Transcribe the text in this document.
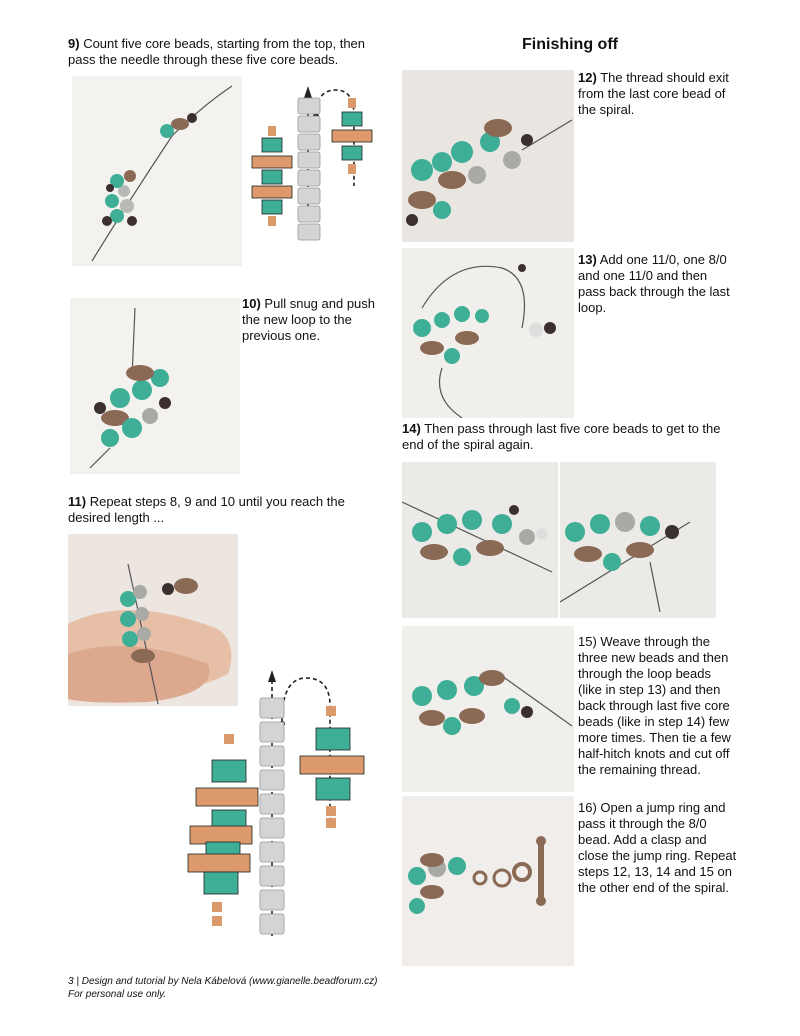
9) Count five core beads, starting from the top, then pass the needle through these five core beads.
10) Pull snug and push the new loop to the previous one.
11) Repeat steps 8, 9 and 10 until you reach the desired length ...
Finishing off
12) The thread should exit from the last core bead of the spiral.
13) Add one 11/0, one 8/0 and one 11/0 and then pass back through the last loop.
14) Then pass through last five core beads to get to the end of the spiral again.
15) Weave through the three new beads and then through the loop beads (like in step 13) and then back through last five core beads (like in step 14) few more times. Then tie a few half-hitch knots and cut off the remaining thread.
16) Open a jump ring and pass it through the 8/0 bead. Add a clasp and close the jump ring. Repeat steps 12, 13, 14 and 15 on the other end of the spiral.
3 | Design and tutorial by Nela Kábelová (www.gianelle.beadforum.cz)
For personal use only.
